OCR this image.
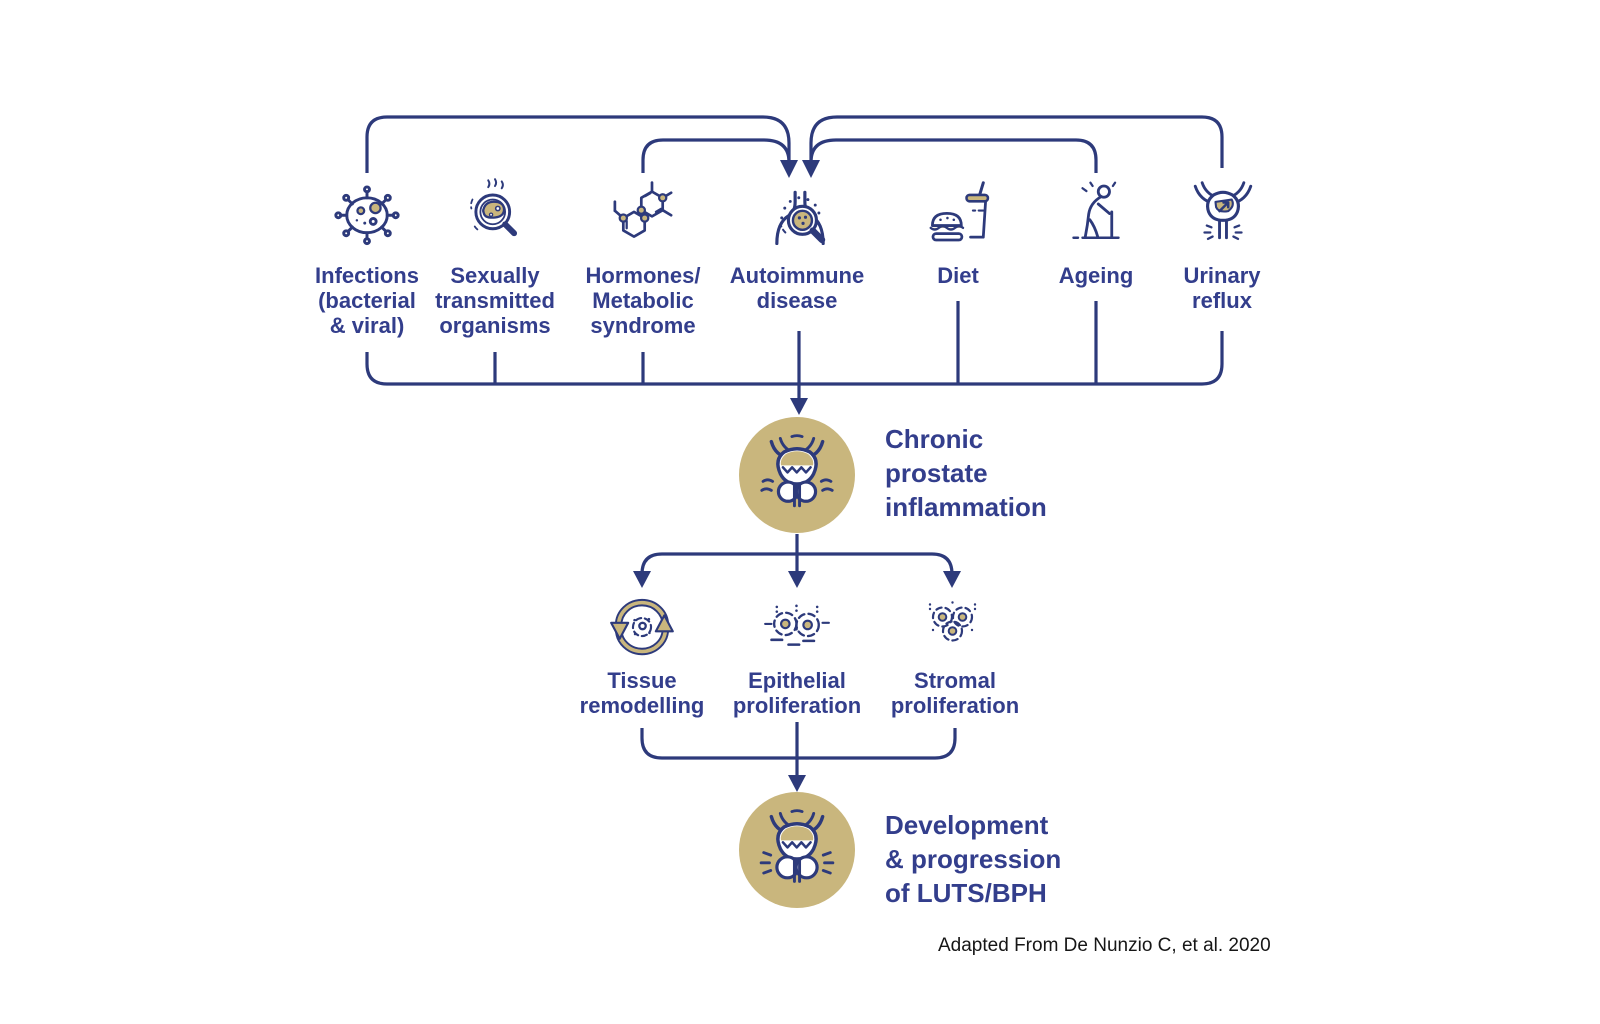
Infections
(bacterial
& viral)
Sexually
transmitted
organisms
Hormones/
Metabolic
syndrome
Autoimmune
disease
Diet	Ageing	Urinary
reflux
Chronic
prostate
inflammation
Tissue
remodelling
Epithelial
proliferation
Stromal
proliferation
Development
& progression
of LUTS/BPH
Adapted From De Nunzio C, et al. 2020
